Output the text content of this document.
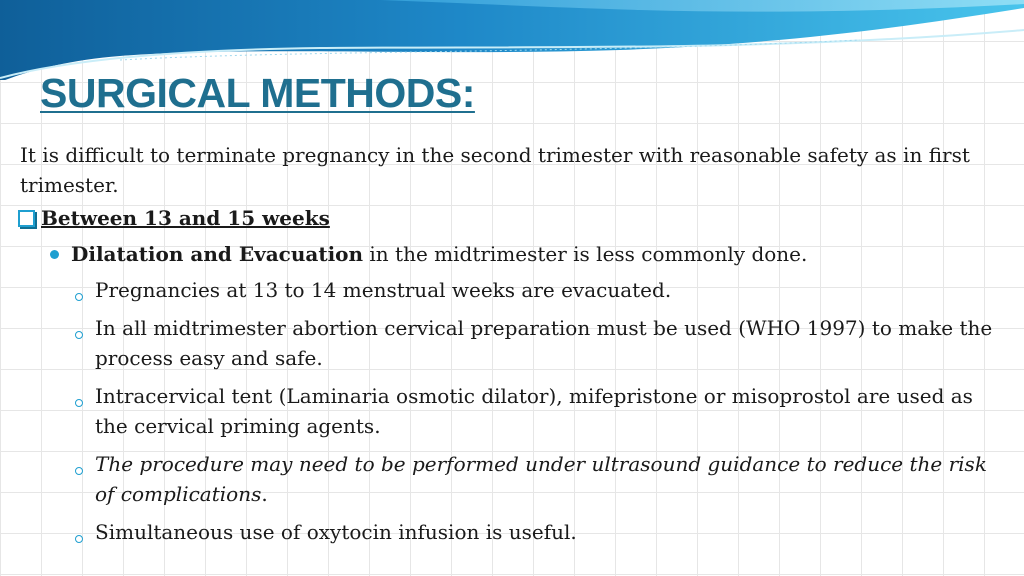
SURGICAL METHODS:

It is difficult to terminate pregnancy in the second trimester with reasonable safety as in first trimester.

Between 13 and 15 weeks
Dilatation and Evacuation in the midtrimester is less commonly done.
Pregnancies at 13 to 14 menstrual weeks are evacuated.
In all midtrimester abortion cervical preparation must be used (WHO 1997) to make the process easy and safe.
Intracervical tent (Laminaria osmotic dilator), mifepristone or misoprostol are used as the cervical priming agents.
The procedure may need to be performed under ultrasound guidance to reduce the risk of complications.
Simultaneous use of oxytocin infusion is useful.
